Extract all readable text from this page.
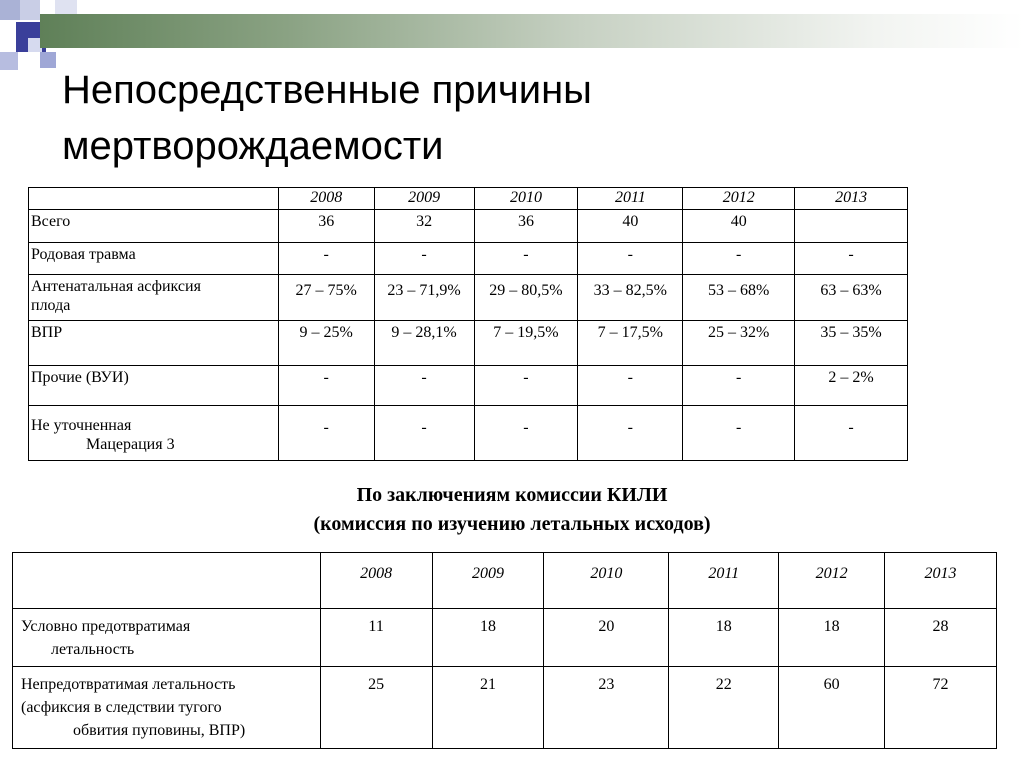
Непосредственные причины
мертворождаемости
	2008	2009	2010	2011	2012	2013
Всего	36	32	36	40	40	
Родовая травма	-	-	-	-	-	-

Антенатальная асфиксия
плода	27 – 75%	23 – 71,9%	29 – 80,5%	33 – 82,5%	53 – 68%	63 – 63%
ВПР	9 – 25%	9 – 28,1%	7 – 19,5%	7 – 17,5%	25 – 32%	35 – 35%
Прочие (ВУИ)	-	-	-	-	-	2 – 2%

Не уточненная
Мацерация 3	-	-	-	-	-	-
По заключениям комиссии КИЛИ
(комиссия по изучению летальных исходов)
	2008	2009	2010	2011	2012	2013

Условно предотвратимая
летальность	11	18	20	18	18	28

Непредотвратимая летальность
(асфиксия в следствии тугого
обвития пуповины, ВПР)	25	21	23	22	60	72
